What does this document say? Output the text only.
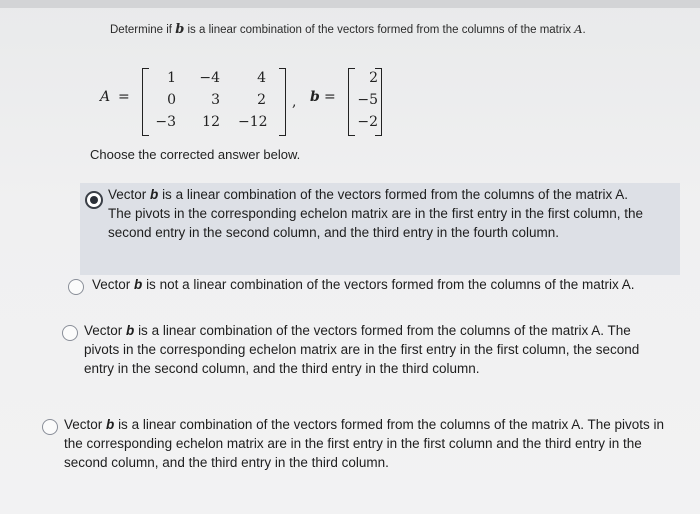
Determine if b is a linear combination of the vectors formed from the columns of the matrix A.
A =
1	−4	4
0	3	2
−3	12 −12
, b =
2
−5
−2
Choose the corrected answer below.
Vector b is a linear combination of the vectors formed from the columns of the matrix A. The pivots in the corresponding echelon matrix are in the first entry in the first column, the second entry in the second column, and the third entry in the fourth column.
Vector b is not a linear combination of the vectors formed from the columns of the matrix A.
Vector b is a linear combination of the vectors formed from the columns of the matrix A. The pivots in the corresponding echelon matrix are in the first entry in the first column, the second entry in the second column, and the third entry in the third column.
Vector b is a linear combination of the vectors formed from the columns of the matrix A. The pivots in the corresponding echelon matrix are in the first entry in the first column and the third entry in the second column, and the third entry in the third column.
